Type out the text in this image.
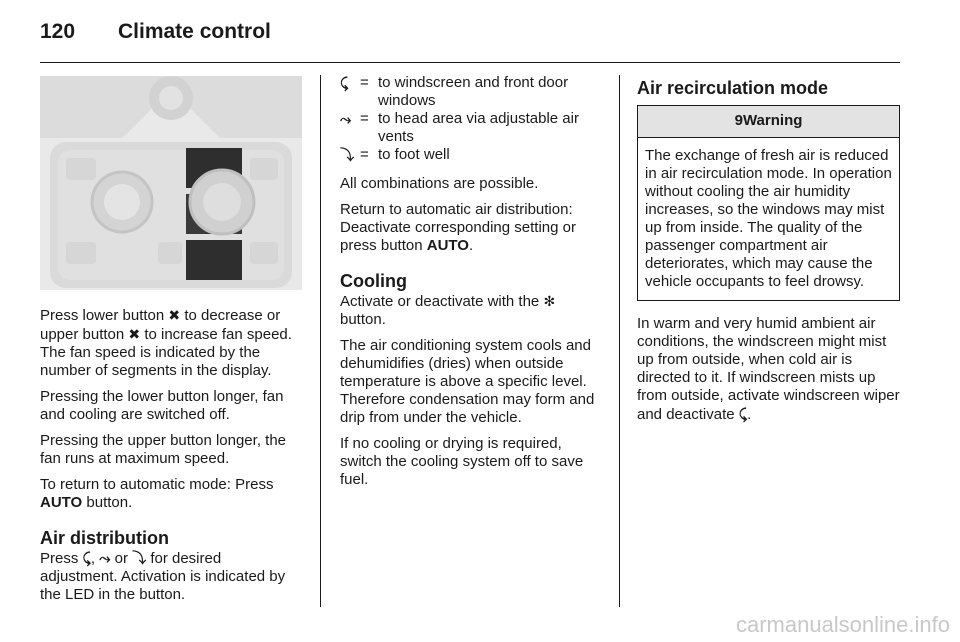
120 Climate control

Press lower button ✖ to decrease or upper button ✖ to increase fan speed. The fan speed is indicated by the number of segments in the display.

Pressing the lower button longer, fan and cooling are switched off.

Pressing the upper button longer, the fan runs at maximum speed.

To return to automatic mode: Press AUTO button.

Air distribution

Press ⤹, ⤳ or ⤵ for desired adjustment. Activation is indicated by the LED in the button.

⤹	=	to windscreen and front door windows
⤳	=	to head area via adjustable air vents
⤵	=	to foot well

All combinations are possible.

Return to automatic air distribution: Deactivate corresponding setting or press button AUTO.

Cooling

Activate or deactivate with the ✻ button.

The air conditioning system cools and dehumidifies (dries) when outside temperature is above a specific level. Therefore condensation may form and drip from under the vehicle.

If no cooling or drying is required, switch the cooling system off to save fuel.

Air recirculation mode
9Warning
The exchange of fresh air is reduced in air recirculation mode. In operation without cooling the air humidity increases, so the windows may mist up from inside. The quality of the passenger compartment air deteriorates, which may cause the vehicle occupants to feel drowsy.

In warm and very humid ambient air conditions, the windscreen might mist up from outside, when cold air is directed to it. If windscreen mists up from outside, activate windscreen wiper and deactivate ⤹.

carmanualsonline.info
